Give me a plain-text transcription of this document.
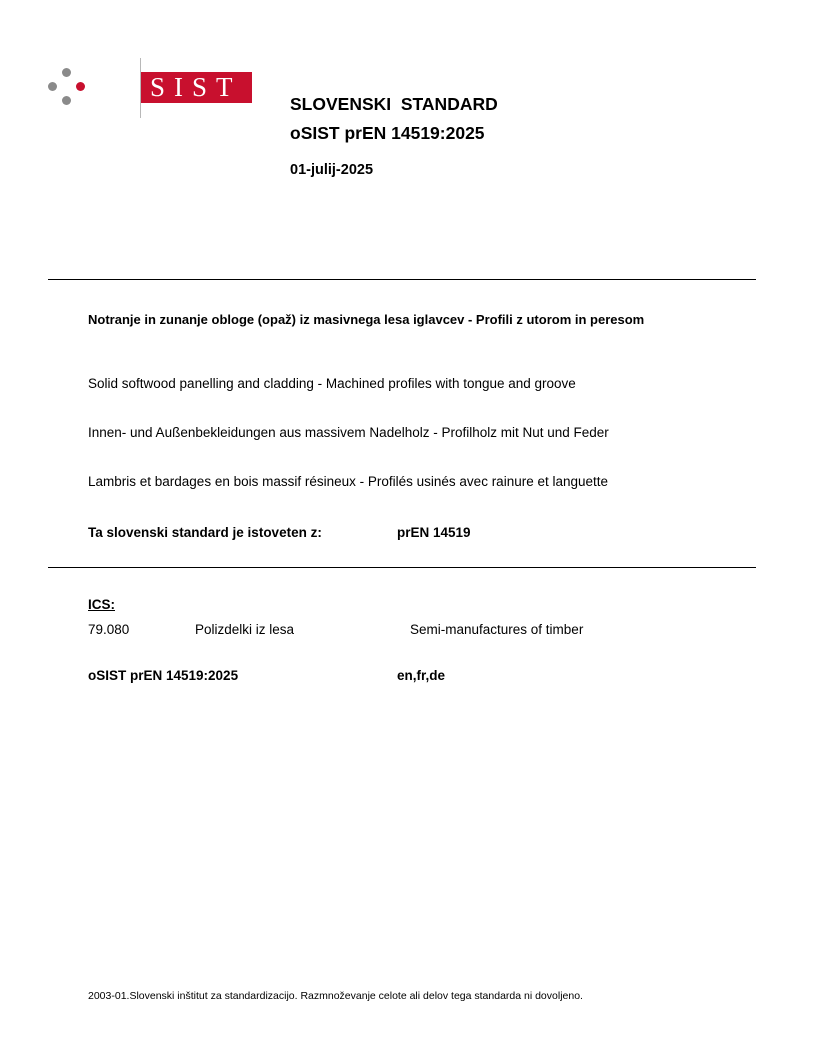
SIST
SLOVENSKI  STANDARD
oSIST prEN 14519:2025
01-julij-2025
Notranje in zunanje obloge (opaž) iz masivnega lesa iglavcev - Profili z utorom in peresom
Solid softwood panelling and cladding - Machined profiles with tongue and groove
Innen- und Außenbekleidungen aus massivem Nadelholz - Profilholz mit Nut und Feder
Lambris et bardages en bois massif résineux - Profilés usinés avec rainure et languette
Ta slovenski standard je istoveten z:	prEN 14519
ICS:
79.080	Polizdelki iz lesa	Semi-manufactures of timber
oSIST prEN 14519:2025	en,fr,de
2003-01.Slovenski inštitut za standardizacijo. Razmnoževanje celote ali delov tega standarda ni dovoljeno.
